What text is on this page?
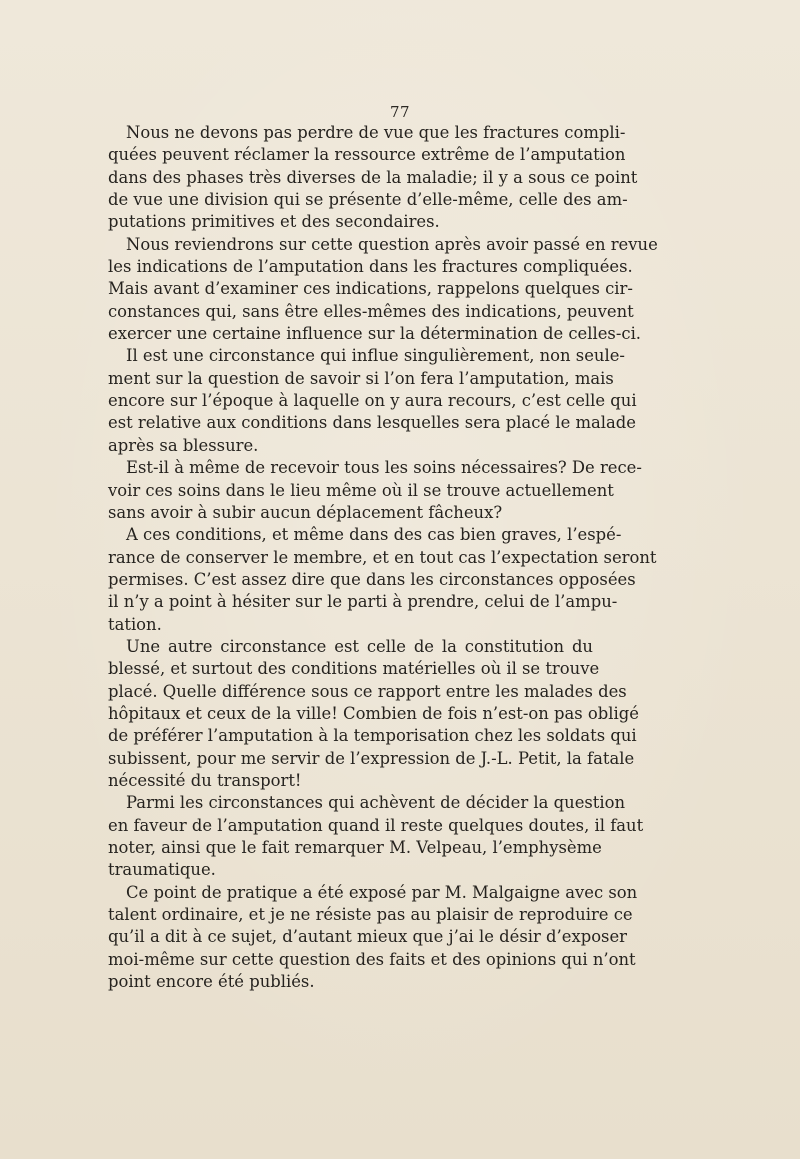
77
Nous ne devons pas perdre de vue que les fractures compli-
quées peuvent réclamer la ressource extrême de l’amputation
dans des phases très diverses de la maladie; il y a sous ce point
de vue une division qui se présente d’elle-même, celle des am-
putations primitives et des secondaires.
Nous reviendrons sur cette question après avoir passé en revue
les indications de l’amputation dans les fractures compliquées.
Mais avant d’examiner ces indications, rappelons quelques cir-
constances qui, sans être elles-mêmes des indications, peuvent
exercer une certaine influence sur la détermination de celles-ci.
Il est une circonstance qui influe singulièrement, non seule-
ment sur la question de savoir si l’on fera l’amputation, mais
encore sur l’époque à laquelle on y aura recours, c’est celle qui
est relative aux conditions dans lesquelles sera placé le malade
après sa blessure.
Est-il à même de recevoir tous les soins nécessaires? De rece-
voir ces soins dans le lieu même où il se trouve actuellement
sans avoir à subir aucun déplacement fâcheux?
A ces conditions, et même dans des cas bien graves, l’espé-
rance de conserver le membre, et en tout cas l’expectation seront
permises. C’est assez dire que dans les circonstances opposées
il n’y a point à hésiter sur le parti à prendre, celui de l’ampu-
tation.
Une autre circonstance est celle de la constitution du
blessé, et surtout des conditions matérielles où il se trouve
placé. Quelle différence sous ce rapport entre les malades des
hôpitaux et ceux de la ville! Combien de fois n’est-on pas obligé
de préférer l’amputation à la temporisation chez les soldats qui
subissent, pour me servir de l’expression de J.-L. Petit, la fatale
nécessité du transport!
Parmi les circonstances qui achèvent de décider la question
en faveur de l’amputation quand il reste quelques doutes, il faut
noter, ainsi que le fait remarquer M. Velpeau, l’emphysème
traumatique.
Ce point de pratique a été exposé par M. Malgaigne avec son
talent ordinaire, et je ne résiste pas au plaisir de reproduire ce
qu’il a dit à ce sujet, d’autant mieux que j’ai le désir d’exposer
moi-même sur cette question des faits et des opinions qui n’ont
point encore été publiés.
